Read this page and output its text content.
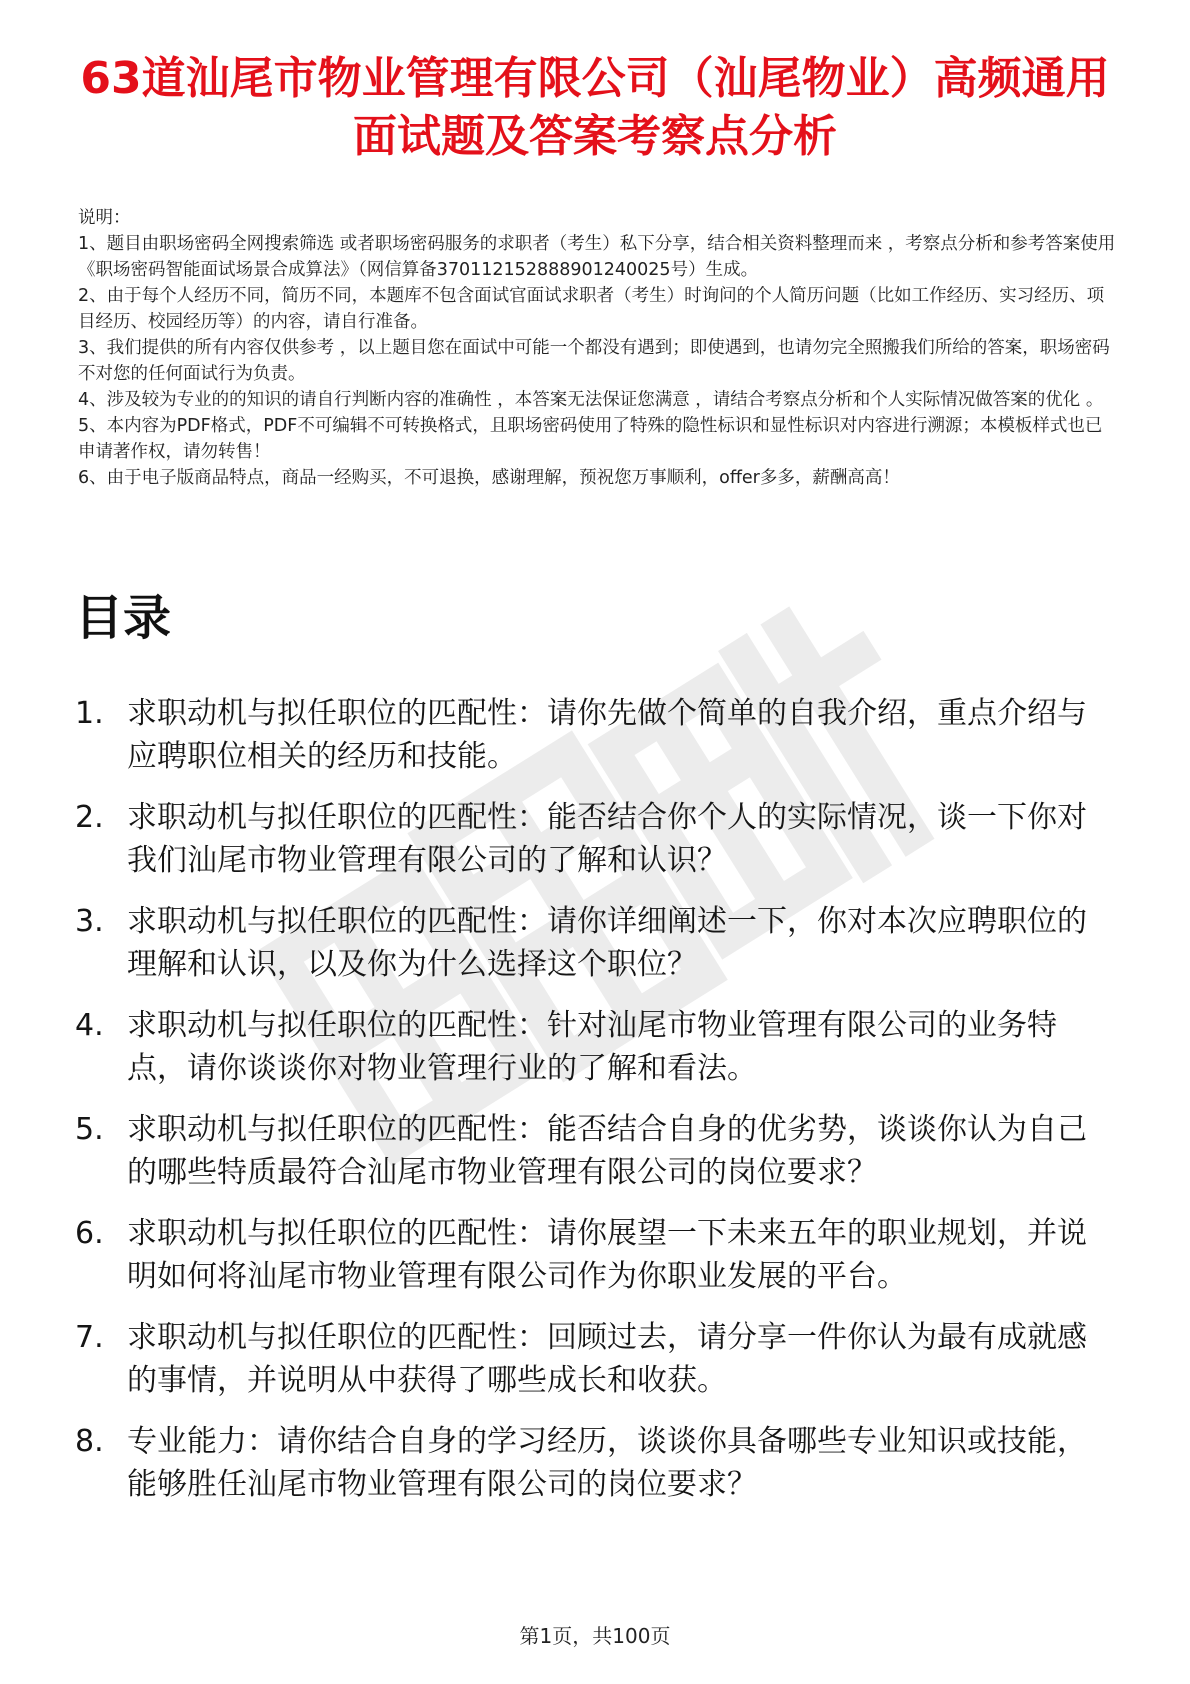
63道汕尾市物业管理有限公司（汕尾物业）高频通用面试题及答案考察点分析

说明：

1、题目由职场密码全网搜索筛选 或者职场密码服务的求职者（考生）私下分享，结合相关资料整理而来 ，考察点分析和参考答案使用《职场密码智能面试场景合成算法》（网信算备370112152888901240025号）生成。

2、由于每个人经历不同，简历不同，本题库不包含面试官面试求职者（考生）时询问的个人简历问题（比如工作经历、实习经历、项目经历、校园经历等）的内容，请自行准备。

3、我们提供的所有内容仅供参考 ，以上题目您在面试中可能一个都没有遇到；即使遇到，也请勿完全照搬我们所给的答案，职场密码不对您的任何面试行为负责。

4、涉及较为专业的的知识的请自行判断内容的准确性 ，本答案无法保证您满意 ，请结合考察点分析和个人实际情况做答案的优化 。

5、本内容为PDF格式，PDF不可编辑不可转换格式，且职场密码使用了特殊的隐性标识和显性标识对内容进行溯源；本模板样式也已申请著作权，请勿转售！

6、由于电子版商品特点，商品一经购买，不可退换，感谢理解，预祝您万事顺利，offer多多，薪酬高高！

目录
1. 求职动机与拟任职位的匹配性：请你先做个简单的自我介绍，重点介绍与应聘职位相关的经历和技能。
2. 求职动机与拟任职位的匹配性：能否结合你个人的实际情况，谈一下你对我们汕尾市物业管理有限公司的了解和认识？
3. 求职动机与拟任职位的匹配性：请你详细阐述一下，你对本次应聘职位的理解和认识，以及你为什么选择这个职位？
4. 求职动机与拟任职位的匹配性：针对汕尾市物业管理有限公司的业务特点，请你谈谈你对物业管理行业的了解和看法。
5. 求职动机与拟任职位的匹配性：能否结合自身的优劣势，谈谈你认为自己的哪些特质最符合汕尾市物业管理有限公司的岗位要求？
6. 求职动机与拟任职位的匹配性：请你展望一下未来五年的职业规划，并说明如何将汕尾市物业管理有限公司作为你职业发展的平台。
7. 求职动机与拟任职位的匹配性：回顾过去，请分享一件你认为最有成就感的事情，并说明从中获得了哪些成长和收获。
8. 专业能力：请你结合自身的学习经历，谈谈你具备哪些专业知识或技能，能够胜任汕尾市物业管理有限公司的岗位要求？
第1页，共100页
